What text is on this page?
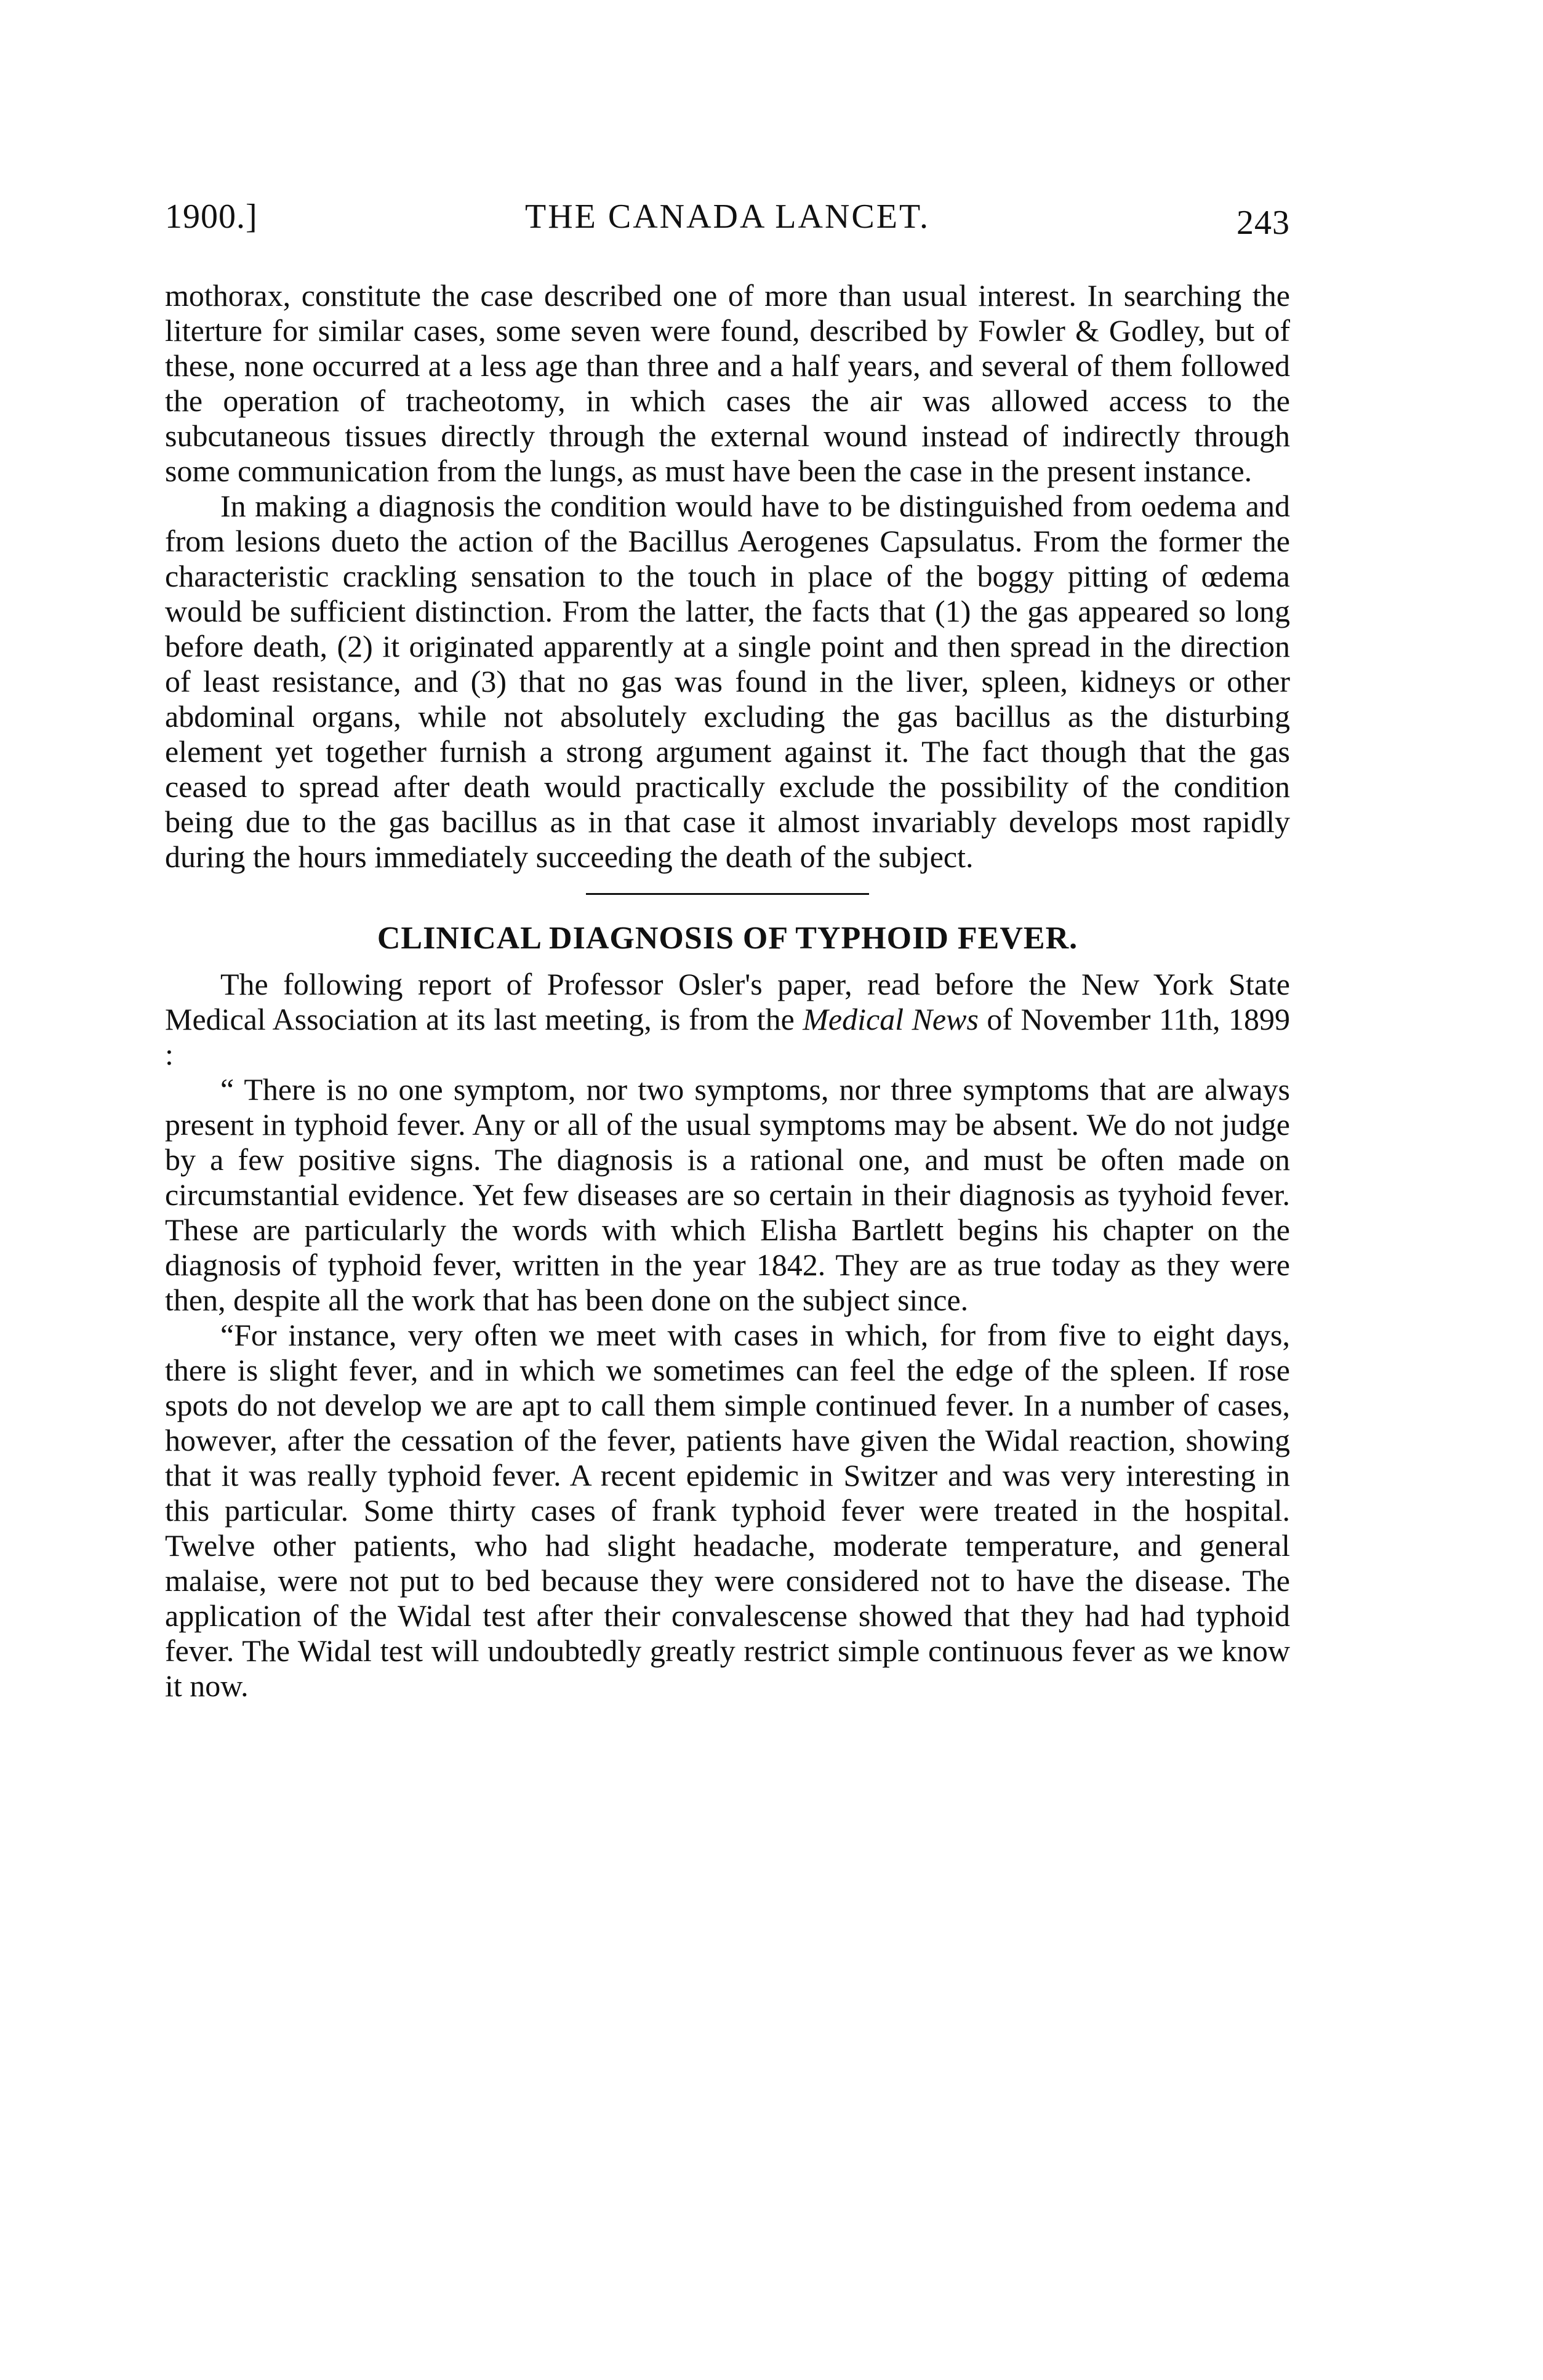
1900.]	THE CANADA LANCET.	243

mothorax, constitute the case described one of more than usual interest. In searching the literture for similar cases, some seven were found, described by Fowler & Godley, but of these, none occurred at a less age than three and a half years, and several of them followed the operation of tracheotomy, in which cases the air was allowed access to the subcutaneous tissues directly through the external wound instead of indirectly through some communication from the lungs, as must have been the case in the present instance.

In making a diagnosis the condition would have to be distinguished from oedema and from lesions dueto the action of the Bacillus Aerogenes Capsulatus. From the former the characteristic crackling sensation to the touch in place of the boggy pitting of œdema would be sufficient distinction. From the latter, the facts that (1) the gas appeared so long before death, (2) it originated apparently at a single point and then spread in the direction of least resistance, and (3) that no gas was found in the liver, spleen, kidneys or other abdominal organs, while not absolutely excluding the gas bacillus as the disturbing element yet together furnish a strong argument against it. The fact though that the gas ceased to spread after death would practically exclude the possibility of the condition being due to the gas bacillus as in that case it almost invariably develops most rapidly during the hours immediately succeeding the death of the subject.

CLINICAL DIAGNOSIS OF TYPHOID FEVER.

The following report of Professor Osler's paper, read before the New York State Medical Association at its last meeting, is from the Medical News of November 11th, 1899 :

“ There is no one symptom, nor two symptoms, nor three symptoms that are always present in typhoid fever. Any or all of the usual symptoms may be absent. We do not judge by a few positive signs. The diagnosis is a rational one, and must be often made on circumstantial evidence. Yet few diseases are so certain in their diagnosis as tyyhoid fever. These are particularly the words with which Elisha Bartlett begins his chapter on the diagnosis of typhoid fever, written in the year 1842. They are as true today as they were then, despite all the work that has been done on the subject since.

“For instance, very often we meet with cases in which, for from five to eight days, there is slight fever, and in which we sometimes can feel the edge of the spleen. If rose spots do not develop we are apt to call them simple continued fever. In a number of cases, however, after the cessation of the fever, patients have given the Widal reaction, showing that it was really typhoid fever. A recent epidemic in Switzer and was very interesting in this particular. Some thirty cases of frank typhoid fever were treated in the hospital. Twelve other patients, who had slight headache, moderate temperature, and general malaise, were not put to bed because they were considered not to have the disease. The application of the Widal test after their convalescense showed that they had had typhoid fever. The Widal test will undoubtedly greatly restrict simple continuous fever as we know it now.
